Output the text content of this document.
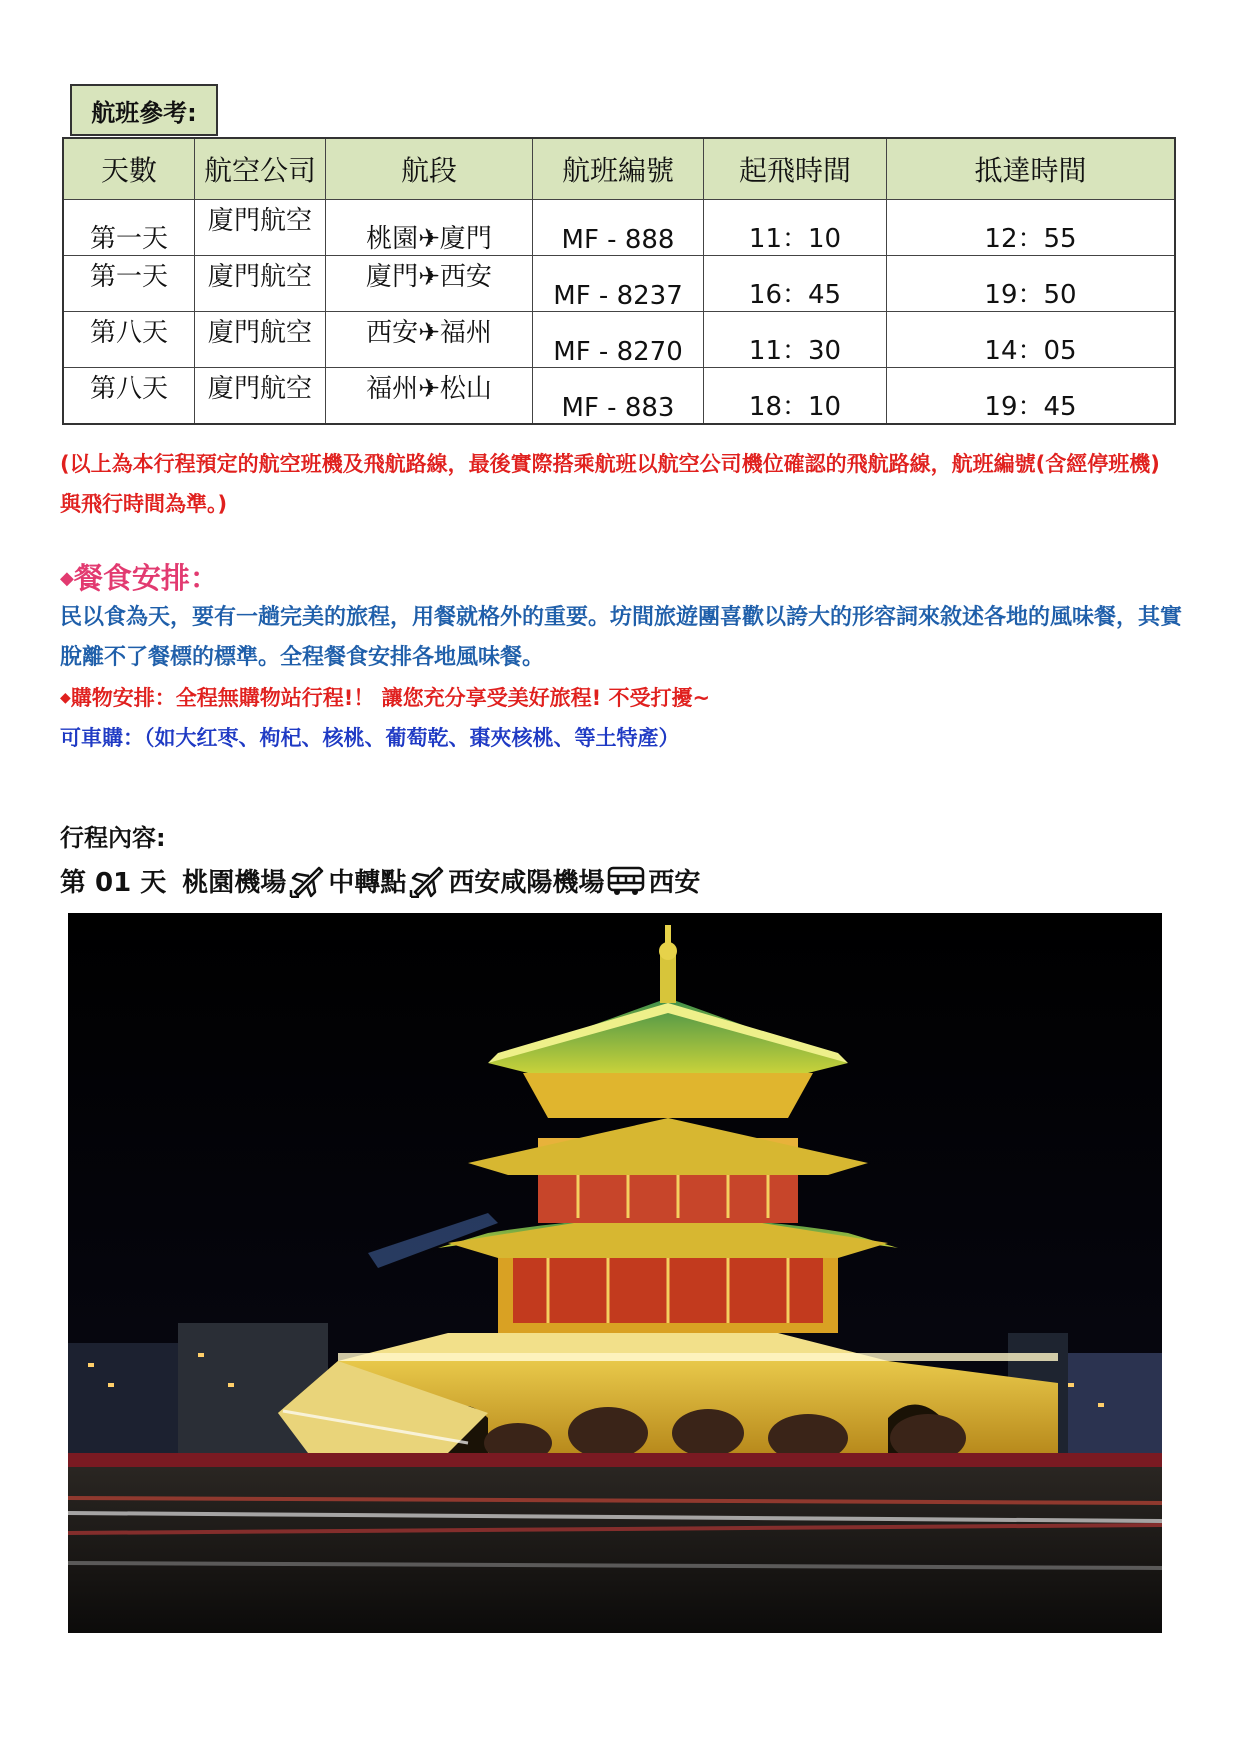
航班參考:
天數	航空公司	航段	航班編號	起飛時間	抵達時間
第一天	廈門航空	桃園✈廈門	MF - 888	11：10	12：55
第一天	廈門航空	廈門✈西安	MF - 8237	16：45	19：50
第八天	廈門航空	西安✈福州	MF - 8270	11：30	14：05
第八天	廈門航空	福州✈松山	MF - 883	18：10	19：45
(以上為本行程預定的航空班機及飛航路線，最後實際搭乘航班以航空公司機位確認的飛航路線，航班編號(含經停班機)與飛行時間為準。)
◆餐食安排：
民以食為天，要有一趟完美的旅程，用餐就格外的重要。坊間旅遊團喜歡以誇大的形容詞來敘述各地的風味餐，其實脫離不了餐標的標準。全程餐食安排各地風味餐。
◆購物安排：全程無購物站行程!！ 讓您充分享受美好旅程! 不受打擾~
可車購：（如大红枣、枸杞、核桃、葡萄乾、棗夾核桃、等土特產）
行程內容:
第 01 天 桃園機場 中轉點 西安咸陽機場 西安
